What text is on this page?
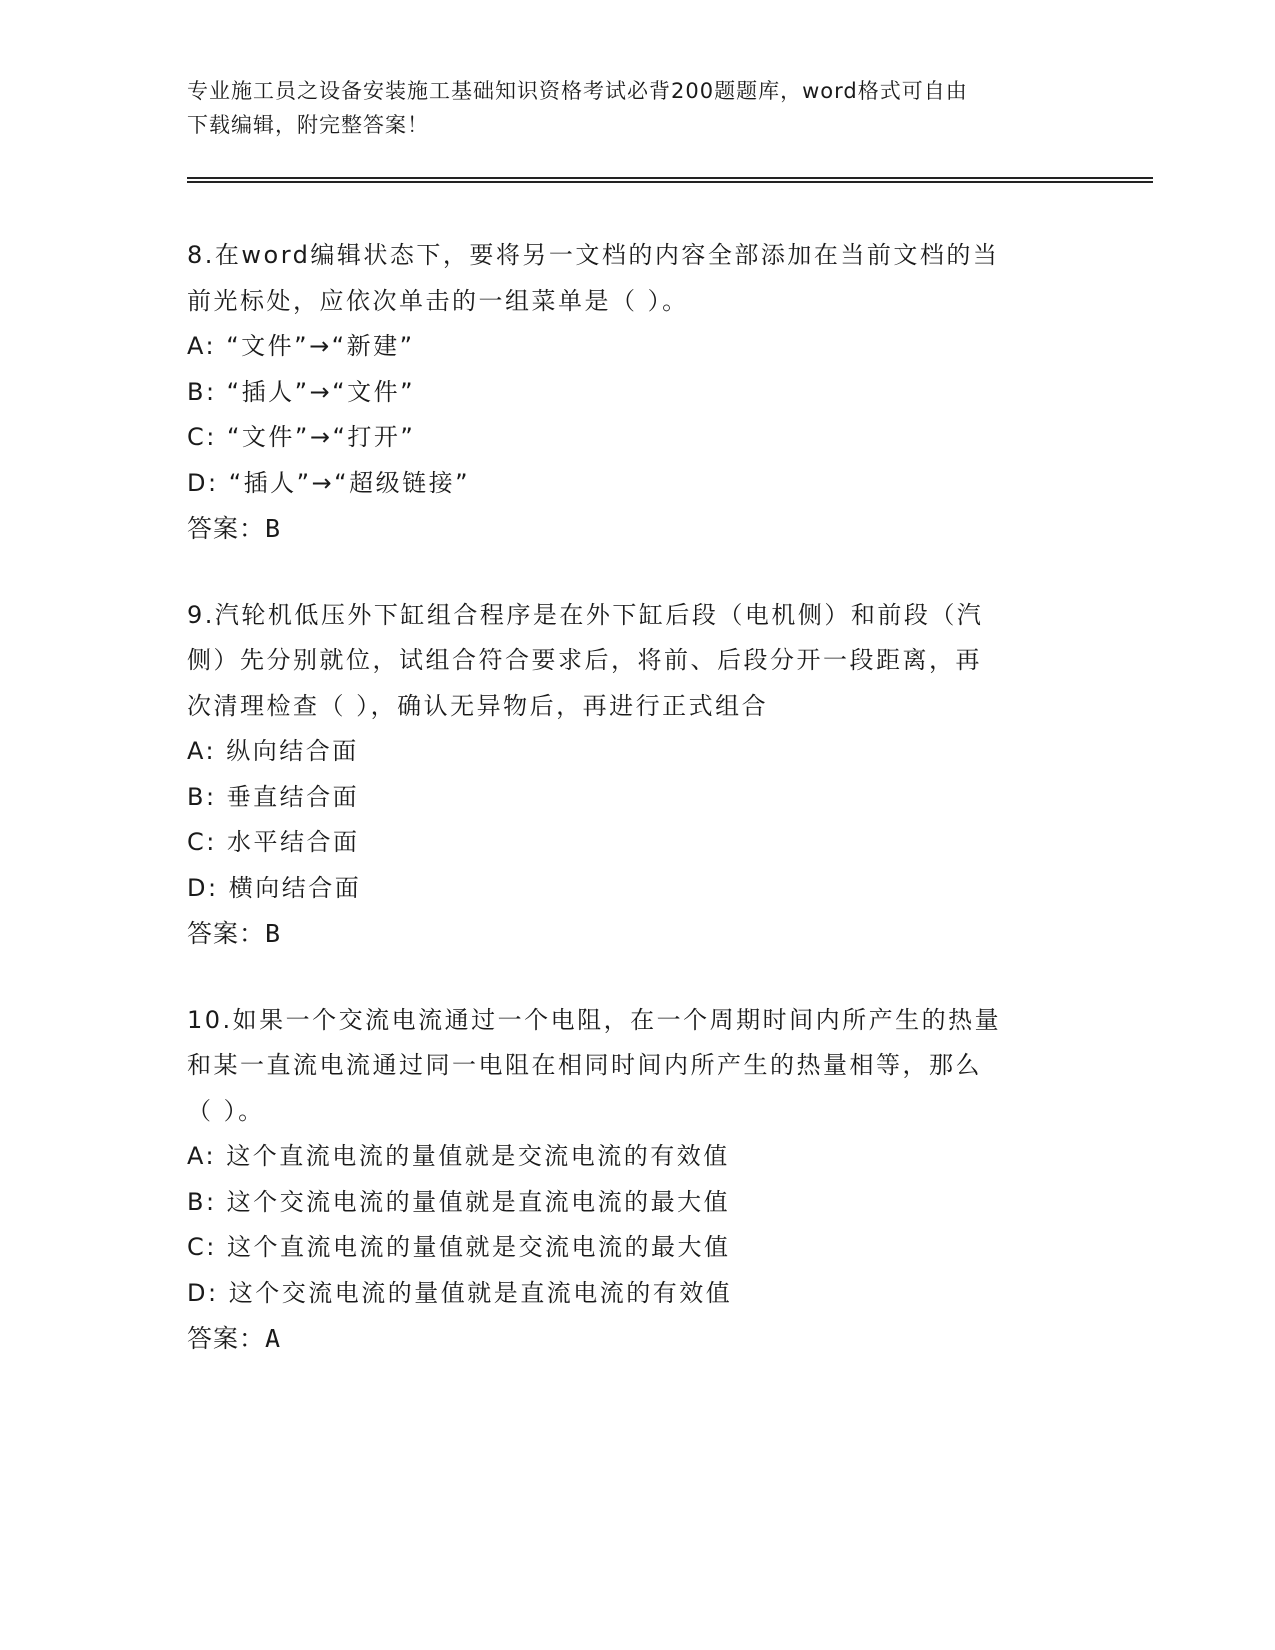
专业施工员之设备安装施工基础知识资格考试必背200题题库，word格式可自由
下载编辑，附完整答案！
8.在word编辑状态下，要将另一文档的内容全部添加在当前文档的当
前光标处，应依次单击的一组菜单是（ ）。
A: “文件”→“新建”
B: “插人”→“文件”
C: “文件”→“打开”
D: “插人”→“超级链接”
答案：B
9.汽轮机低压外下缸组合程序是在外下缸后段（电机侧）和前段（汽
侧）先分别就位，试组合符合要求后，将前、后段分开一段距离，再
次清理检查（ ），确认无异物后，再进行正式组合
A: 纵向结合面
B: 垂直结合面
C: 水平结合面
D: 横向结合面
答案：B
10.如果一个交流电流通过一个电阻，在一个周期时间内所产生的热量
和某一直流电流通过同一电阻在相同时间内所产生的热量相等，那么
（ ）。
A: 这个直流电流的量值就是交流电流的有效值
B: 这个交流电流的量值就是直流电流的最大值
C: 这个直流电流的量值就是交流电流的最大值
D: 这个交流电流的量值就是直流电流的有效值
答案：A
